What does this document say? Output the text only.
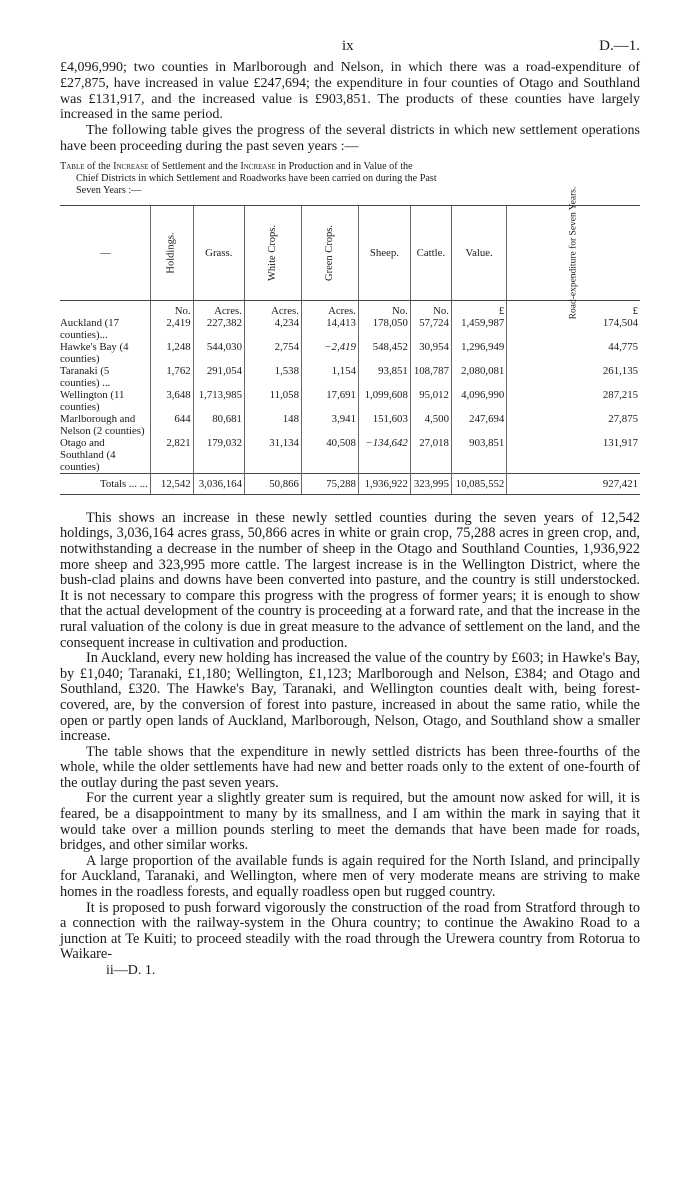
ix	D.—1.

£4,096,990; two counties in Marlborough and Nelson, in which there was a road-expenditure of £27,875, have increased in value £247,694; the expenditure in four counties of Otago and Southland was £131,917, and the increased value is £903,851. The products of these counties have largely increased in the same period.

The following table gives the progress of the several districts in which new settlement operations have been proceeding during the past seven years :—

Table of the Increase of Settlement and the Increase in Production and in Value of the
Chief Districts in which Settlement and Roadworks have been carried on during the Past
Seven Years :—
—	Holdings.	Grass.	White Crops.	Green Crops.	Sheep.	Cattle.	Value.	Road-expenditure for Seven Years.
	No.	Acres.	Acres.	Acres.	No.	No.	£	£
Auckland (17 counties)...	2,419	227,382	4,234	14,413	178,050	57,724	1,459,987	174,504
Hawke's Bay (4 counties)	1,248	544,030	2,754	−2,419	548,452	30,954	1,296,949	44,775
Taranaki (5 counties) ...	1,762	291,054	1,538	1,154	93,851	108,787	2,080,081	261,135
Wellington (11 counties)	3,648	1,713,985	11,058	17,691	1,099,608	95,012	4,096,990	287,215
Marlborough and Nelson (2 counties)	644	80,681	148	3,941	151,603	4,500	247,694	27,875
Otago and Southland (4 counties)	2,821	179,032	31,134	40,508	−134,642	27,018	903,851	131,917
Totals ... ...	12,542	3,036,164	50,866	75,288	1,936,922	323,995	10,085,552	927,421

This shows an increase in these newly settled counties during the seven years of 12,542 holdings, 3,036,164 acres grass, 50,866 acres in white or grain crop, 75,288 acres in green crop, and, notwithstanding a decrease in the number of sheep in the Otago and Southland Counties, 1,936,922 more sheep and 323,995 more cattle. The largest increase is in the Wellington District, where the bush-clad plains and downs have been converted into pasture, and the country is still understocked. It is not necessary to compare this progress with the progress of former years; it is enough to show that the actual development of the country is proceeding at a forward rate, and that the increase in the rural valuation of the colony is due in great measure to the advance of settlement on the land, and the consequent increase in cultivation and production.

In Auckland, every new holding has increased the value of the country by £603; in Hawke's Bay, by £1,040; Taranaki, £1,180; Wellington, £1,123; Marlborough and Nelson, £384; and Otago and Southland, £320. The Hawke's Bay, Taranaki, and Wellington counties dealt with, being forest-covered, are, by the conversion of forest into pasture, increased in about the same ratio, while the open or partly open lands of Auckland, Marlborough, Nelson, Otago, and Southland show a smaller increase.

The table shows that the expenditure in newly settled districts has been three-fourths of the whole, while the older settlements have had new and better roads only to the extent of one-fourth of the outlay during the past seven years.

For the current year a slightly greater sum is required, but the amount now asked for will, it is feared, be a disappointment to many by its smallness, and I am within the mark in saying that it would take over a million pounds sterling to meet the demands that have been made for roads, bridges, and other similar works.

A large proportion of the available funds is again required for the North Island, and principally for Auckland, Taranaki, and Wellington, where men of very moderate means are striving to make homes in the roadless forests, and equally roadless open but rugged country.

It is proposed to push forward vigorously the construction of the road from Stratford through to a connection with the railway-system in the Ohura country; to continue the Awakino Road to a junction at Te Kuiti; to proceed steadily with the road through the Urewera country from Rotorua to Waikare-

ii—D. 1.
